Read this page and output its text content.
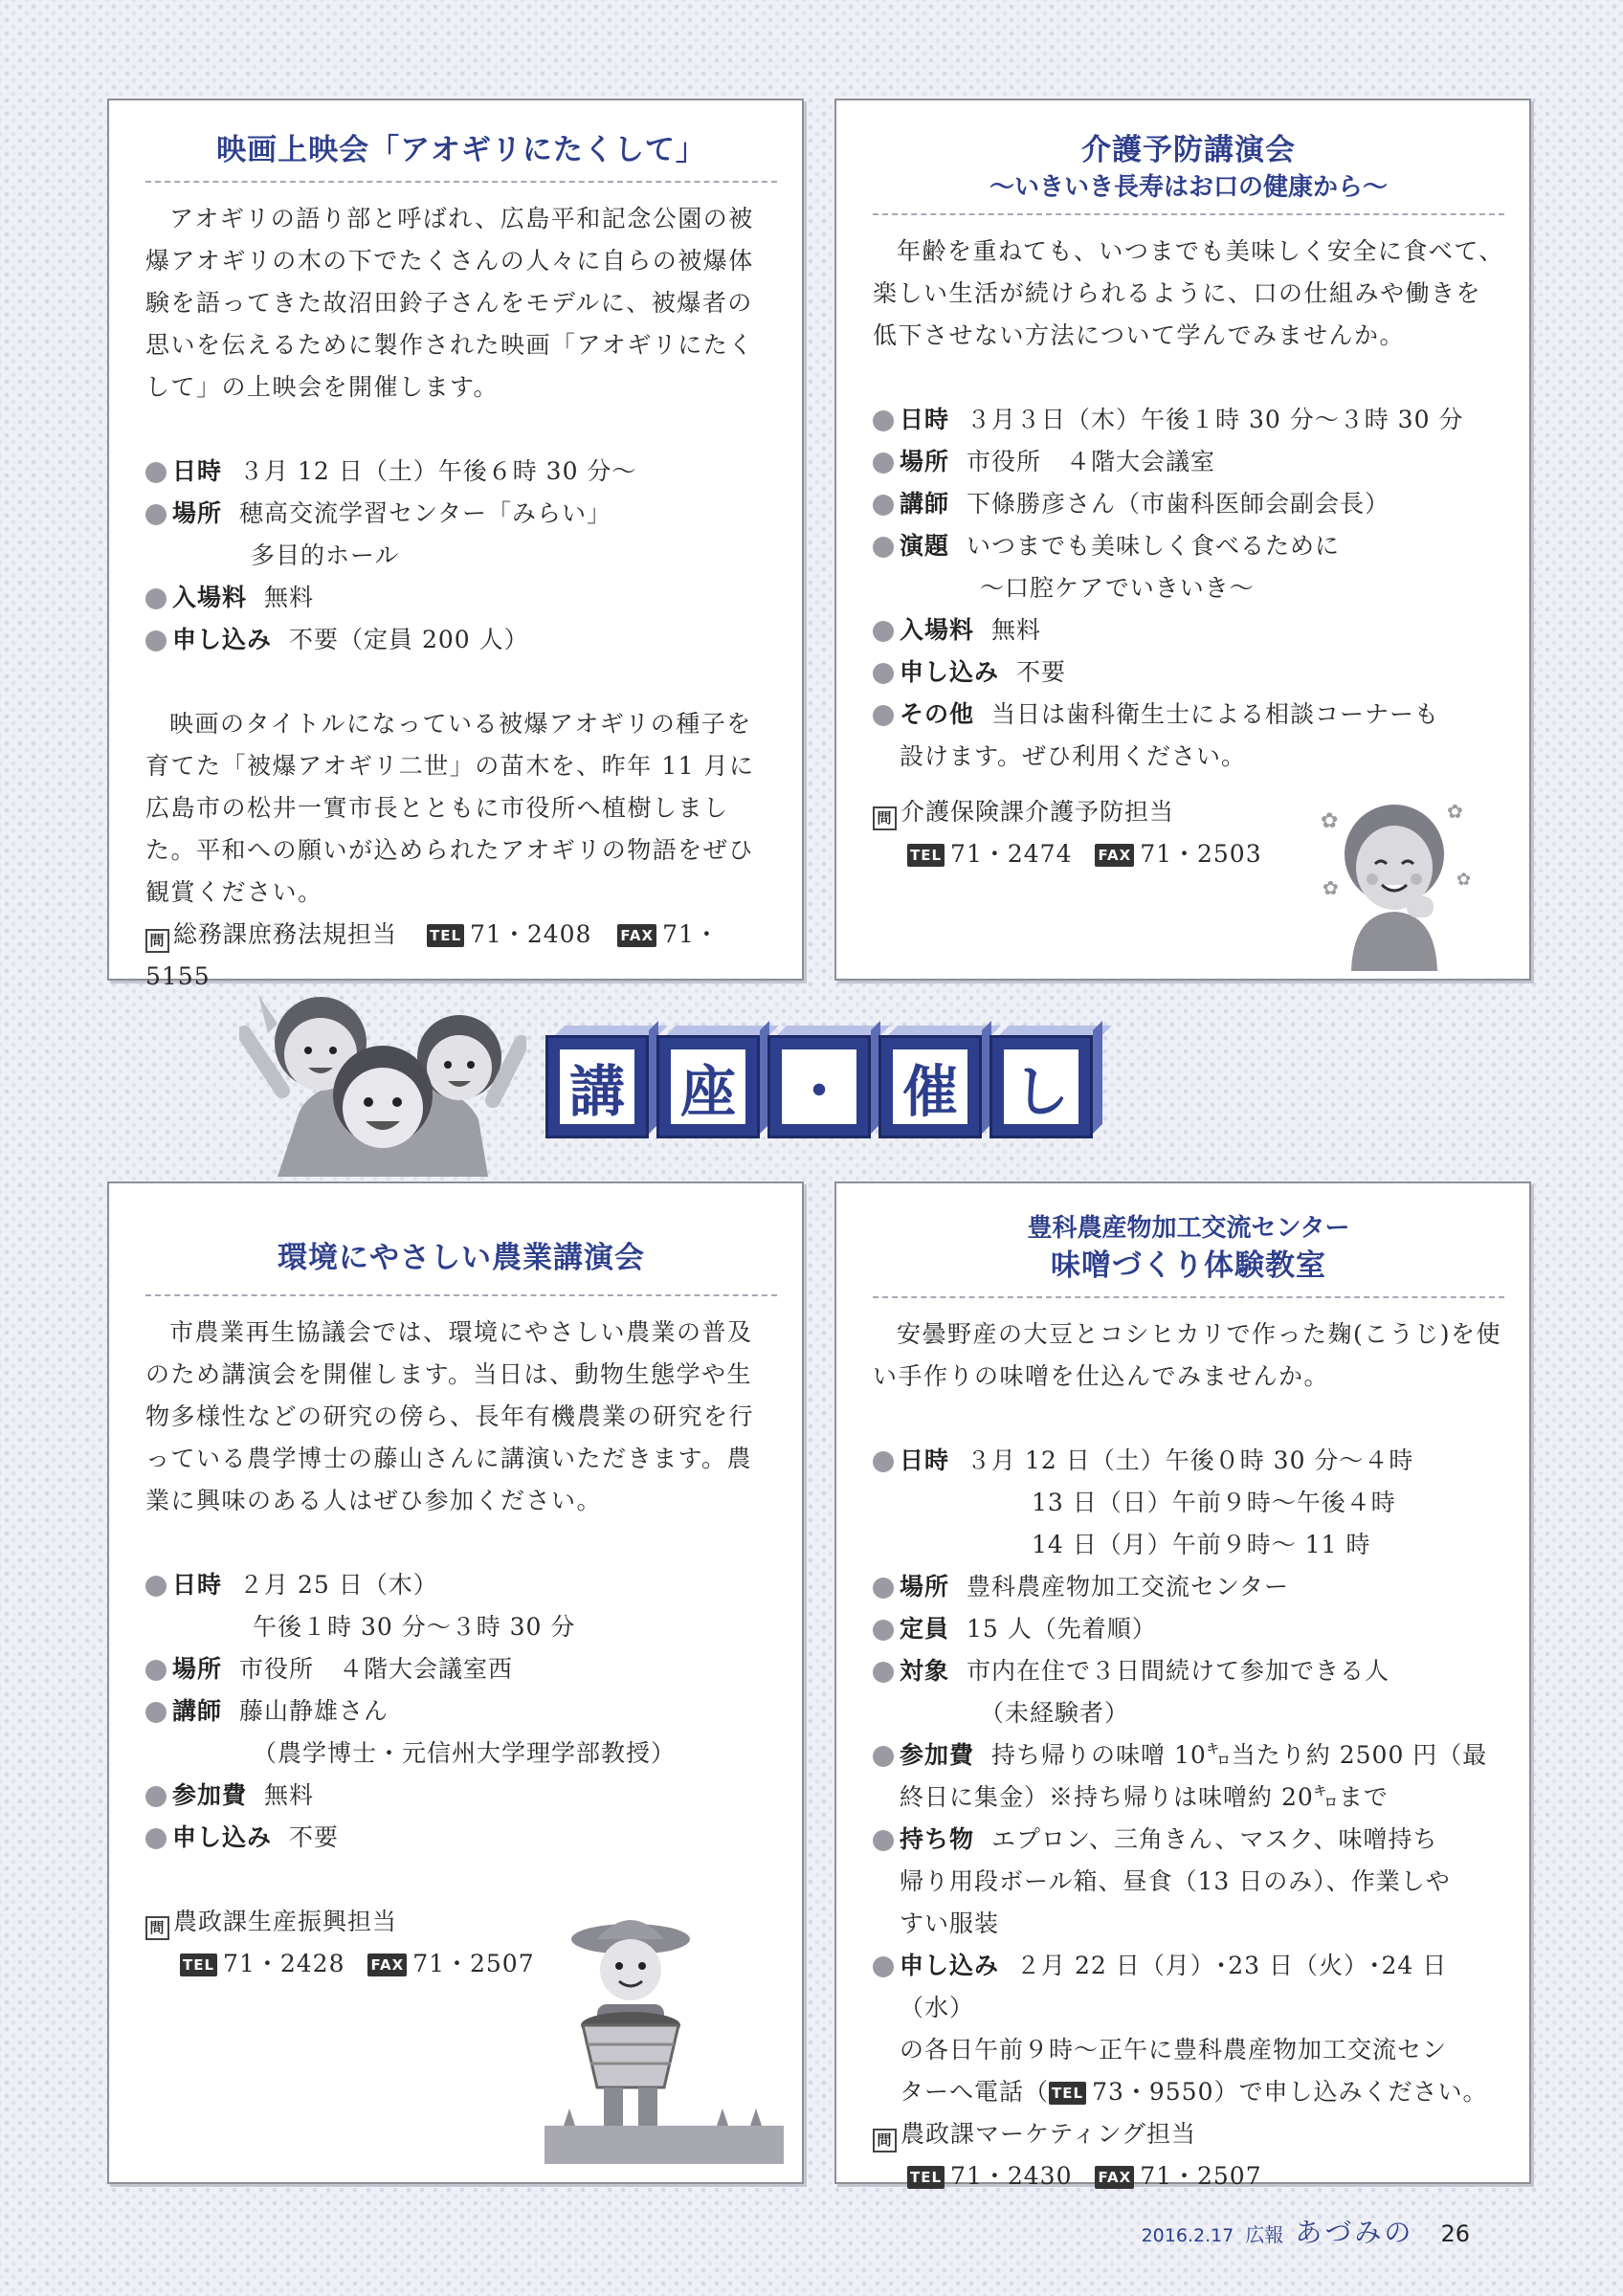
映画上映会「アオギリにたくして」

アオギリの語り部と呼ばれ、広島平和記念公園の被爆アオギリの木の下でたくさんの人々に自らの被爆体験を語ってきた故沼田鈴子さんをモデルに、被爆者の思いを伝えるために製作された映画「アオギリにたくして」の上映会を開催します。

日時 ３月 12 日（土）午後６時 30 分～
場所 穂高交流学習センター「みらい」
多目的ホール
入場料 無料
申し込み 不要（定員 200 人）

映画のタイトルになっている被爆アオギリの種子を育てた「被爆アオギリ二世」の苗木を、昨年 11 月に広島市の松井一實市長とともに市役所へ植樹しました。平和への願いが込められたアオギリの物語をぜひ観賞ください。

問 総務課庶務法規担当 TEL 71・2408 FAX 71・5155
介護予防講演会
～いきいき長寿はお口の健康から～

年齢を重ねても、いつまでも美味しく安全に食べて、楽しい生活が続けられるように、口の仕組みや働きを低下させない方法について学んでみませんか。

日時 ３月３日（木）午後１時 30 分～３時 30 分
場所 市役所　４階大会議室
講師 下條勝彦さん（市歯科医師会副会長）
演題 いつまでも美味しく食べるために
～口腔ケアでいきいき～
入場料 無料
申し込み 不要
その他 当日は歯科衛生士による相談コーナーも
設けます。ぜひ利用ください。
問 介護保険課介護予防担当
TEL 71・2474 FAX 71・2503
✿	✿
✿	✿
講 座 ・ 催 し
環境にやさしい農業講演会

市農業再生協議会では、環境にやさしい農業の普及のため講演会を開催します。当日は、動物生態学や生物多様性などの研究の傍ら、長年有機農業の研究を行っている農学博士の藤山さんに講演いただきます。農業に興味のある人はぜひ参加ください。

日時 ２月 25 日（木）
午後１時 30 分～３時 30 分
場所 市役所　４階大会議室西
講師 藤山静雄さん
（農学博士・元信州大学理学部教授）
参加費 無料
申し込み 不要
問 農政課生産振興担当
TEL 71・2428 FAX 71・2507
豊科農産物加工交流センター
味噌づくり体験教室

安曇野産の大豆とコシヒカリで作った麹(こうじ)を使い手作りの味噌を仕込んでみませんか。

日時 ３月 12 日（土）午後０時 30 分～４時
13 日（日）午前９時～午後４時
14 日（月）午前９時～ 11 時
場所 豊科農産物加工交流センター
定員 15 人（先着順）
対象 市内在住で３日間続けて参加できる人
（未経験者）
参加費 持ち帰りの味噌 10㌔当たり約 2500 円（最
終日に集金）※持ち帰りは味噌約 20㌔まで
持ち物 エプロン、三角きん、マスク、味噌持ち
帰り用段ボール箱、昼食（13 日のみ）、作業しや
すい服装
申し込み ２月 22 日（月）･23 日（火）･24 日（水）
の各日午前９時～正午に豊科農産物加工交流セン
ターへ電話（ TEL 73・9550）で申し込みください。
問 農政課マーケティング担当
TEL 71・2430 FAX 71・2507
2016.2.17 広報 あづみの 26
